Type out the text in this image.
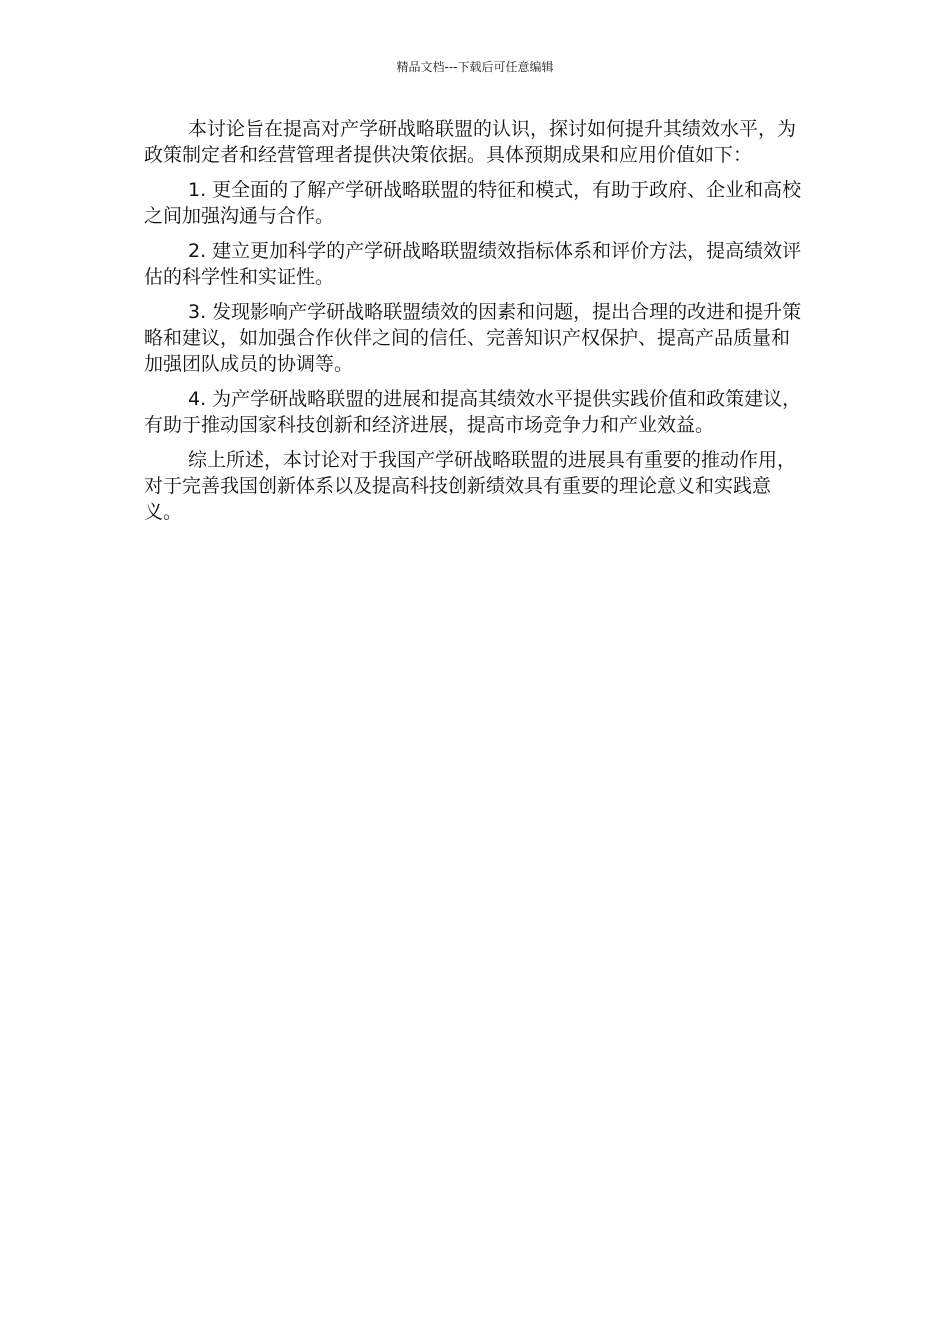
精品文档---下载后可任意编辑

本讨论旨在提高对产学研战略联盟的认识，探讨如何提升其绩效水平，为政策制定者和经营管理者提供决策依据。具体预期成果和应用价值如下：

1. 更全面的了解产学研战略联盟的特征和模式，有助于政府、企业和高校之间加强沟通与合作。

2. 建立更加科学的产学研战略联盟绩效指标体系和评价方法，提高绩效评估的科学性和实证性。

3. 发现影响产学研战略联盟绩效的因素和问题，提出合理的改进和提升策略和建议，如加强合作伙伴之间的信任、完善知识产权保护、提高产品质量和加强团队成员的协调等。

4. 为产学研战略联盟的进展和提高其绩效水平提供实践价值和政策建议，有助于推动国家科技创新和经济进展，提高市场竞争力和产业效益。

综上所述，本讨论对于我国产学研战略联盟的进展具有重要的推动作用，对于完善我国创新体系以及提高科技创新绩效具有重要的理论意义和实践意义。
